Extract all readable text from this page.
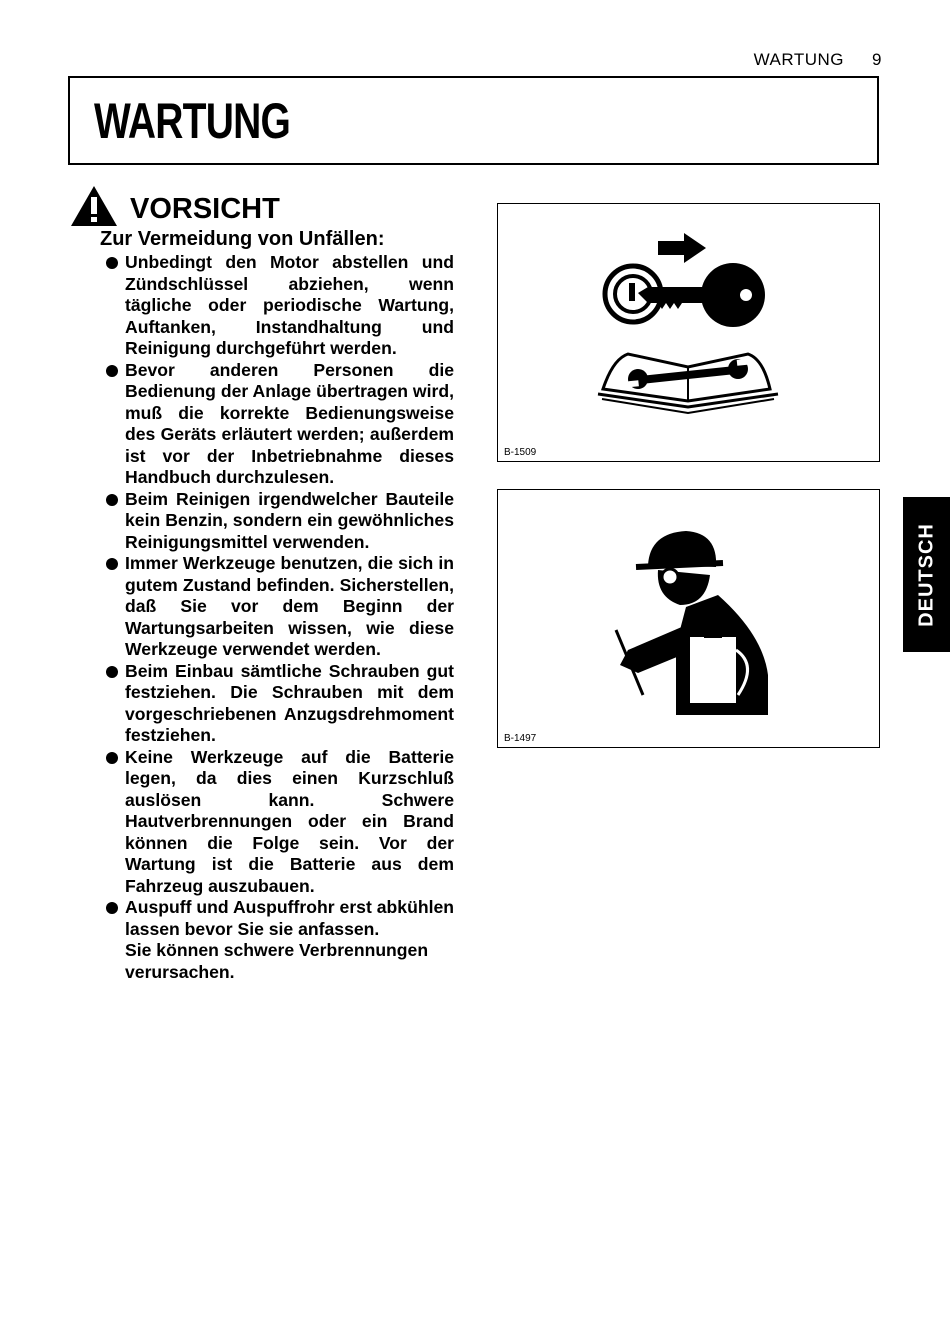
WARTUNG 9
WARTUNG
VORSICHT
Zur Vermeidung von Unfällen:
Unbedingt den Motor abstellen und Zündschlüssel abziehen, wenn tägliche oder periodische Wartung, Auftanken, Instandhaltung und Reinigung durchgeführt werden.
Bevor anderen Personen die Bedienung der Anlage übertragen wird, muß die korrekte Bedienungsweise des Geräts erläutert werden; außerdem ist vor der Inbetriebnahme dieses Handbuch durchzulesen.
Beim Reinigen irgendwelcher Bauteile kein Benzin, sondern ein gewöhnliches Reinigungsmittel verwenden.
Immer Werkzeuge benutzen, die sich in gutem Zustand befinden. Sicherstellen, daß Sie vor dem Beginn der Wartungsarbeiten wissen, wie diese Werkzeuge verwendet werden.
Beim Einbau sämtliche Schrauben gut festziehen. Die Schrauben mit dem vorgeschriebenen Anzugsdrehmoment festziehen.
Keine Werkzeuge auf die Batterie legen, da dies einen Kurzschluß auslösen kann. Schwere Hautverbrennungen oder ein Brand können die Folge sein. Vor der Wartung ist die Batterie aus dem Fahrzeug auszubauen.
Auspuff und Auspuffrohr erst abkühlen lassen bevor Sie sie anfassen.
Sie können schwere Verbrennungen verursachen.
B-1509
B-1497
DEUTSCH
